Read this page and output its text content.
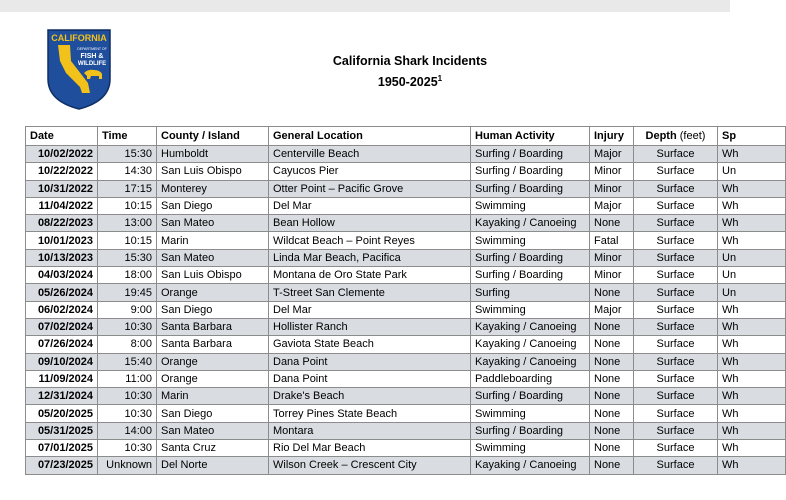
CALIFORNIA
DEPARTMENT OF
FISH &
WILDLIFE	California Shark Incidents
1950-2025$^1$
Date	Time	County / Island	General Location	Human Activity	Injury	Depth (feet)	Sp
10/02/2022	15:30	Humboldt	Centerville Beach	Surfing / Boarding	Major	Surface	Wh
10/22/2022	14:30	San Luis Obispo	Cayucos Pier	Surfing / Boarding	Minor	Surface	Un
10/31/2022	17:15	Monterey	Otter Point – Pacific Grove	Surfing / Boarding	Minor	Surface	Wh
11/04/2022	10:15	San Diego	Del Mar	Swimming	Major	Surface	Wh
08/22/2023	13:00	San Mateo	Bean Hollow	Kayaking / Canoeing	None	Surface	Wh
10/01/2023	10:15	Marin	Wildcat Beach – Point Reyes	Swimming	Fatal	Surface	Wh
10/13/2023	15:30	San Mateo	Linda Mar Beach, Pacifica	Surfing / Boarding	Minor	Surface	Un
04/03/2024	18:00	San Luis Obispo	Montana de Oro State Park	Surfing / Boarding	Minor	Surface	Un
05/26/2024	19:45	Orange	T-Street San Clemente	Surfing	None	Surface	Un
06/02/2024	9:00	San Diego	Del Mar	Swimming	Major	Surface	Wh
07/02/2024	10:30	Santa Barbara	Hollister Ranch	Kayaking / Canoeing	None	Surface	Wh
07/26/2024	8:00	Santa Barbara	Gaviota State Beach	Kayaking / Canoeing	None	Surface	Wh
09/10/2024	15:40	Orange	Dana Point	Kayaking / Canoeing	None	Surface	Wh
11/09/2024	11:00	Orange	Dana Point	Paddleboarding	None	Surface	Wh
12/31/2024	10:30	Marin	Drake's Beach	Surfing / Boarding	None	Surface	Wh
05/20/2025	10:30	San Diego	Torrey Pines State Beach	Swimming	None	Surface	Wh
05/31/2025	14:00	San Mateo	Montara	Surfing / Boarding	None	Surface	Wh
07/01/2025	10:30	Santa Cruz	Rio Del Mar Beach	Swimming	None	Surface	Wh
07/23/2025	Unknown	Del Norte	Wilson Creek – Crescent City	Kayaking / Canoeing	None	Surface	Wh
